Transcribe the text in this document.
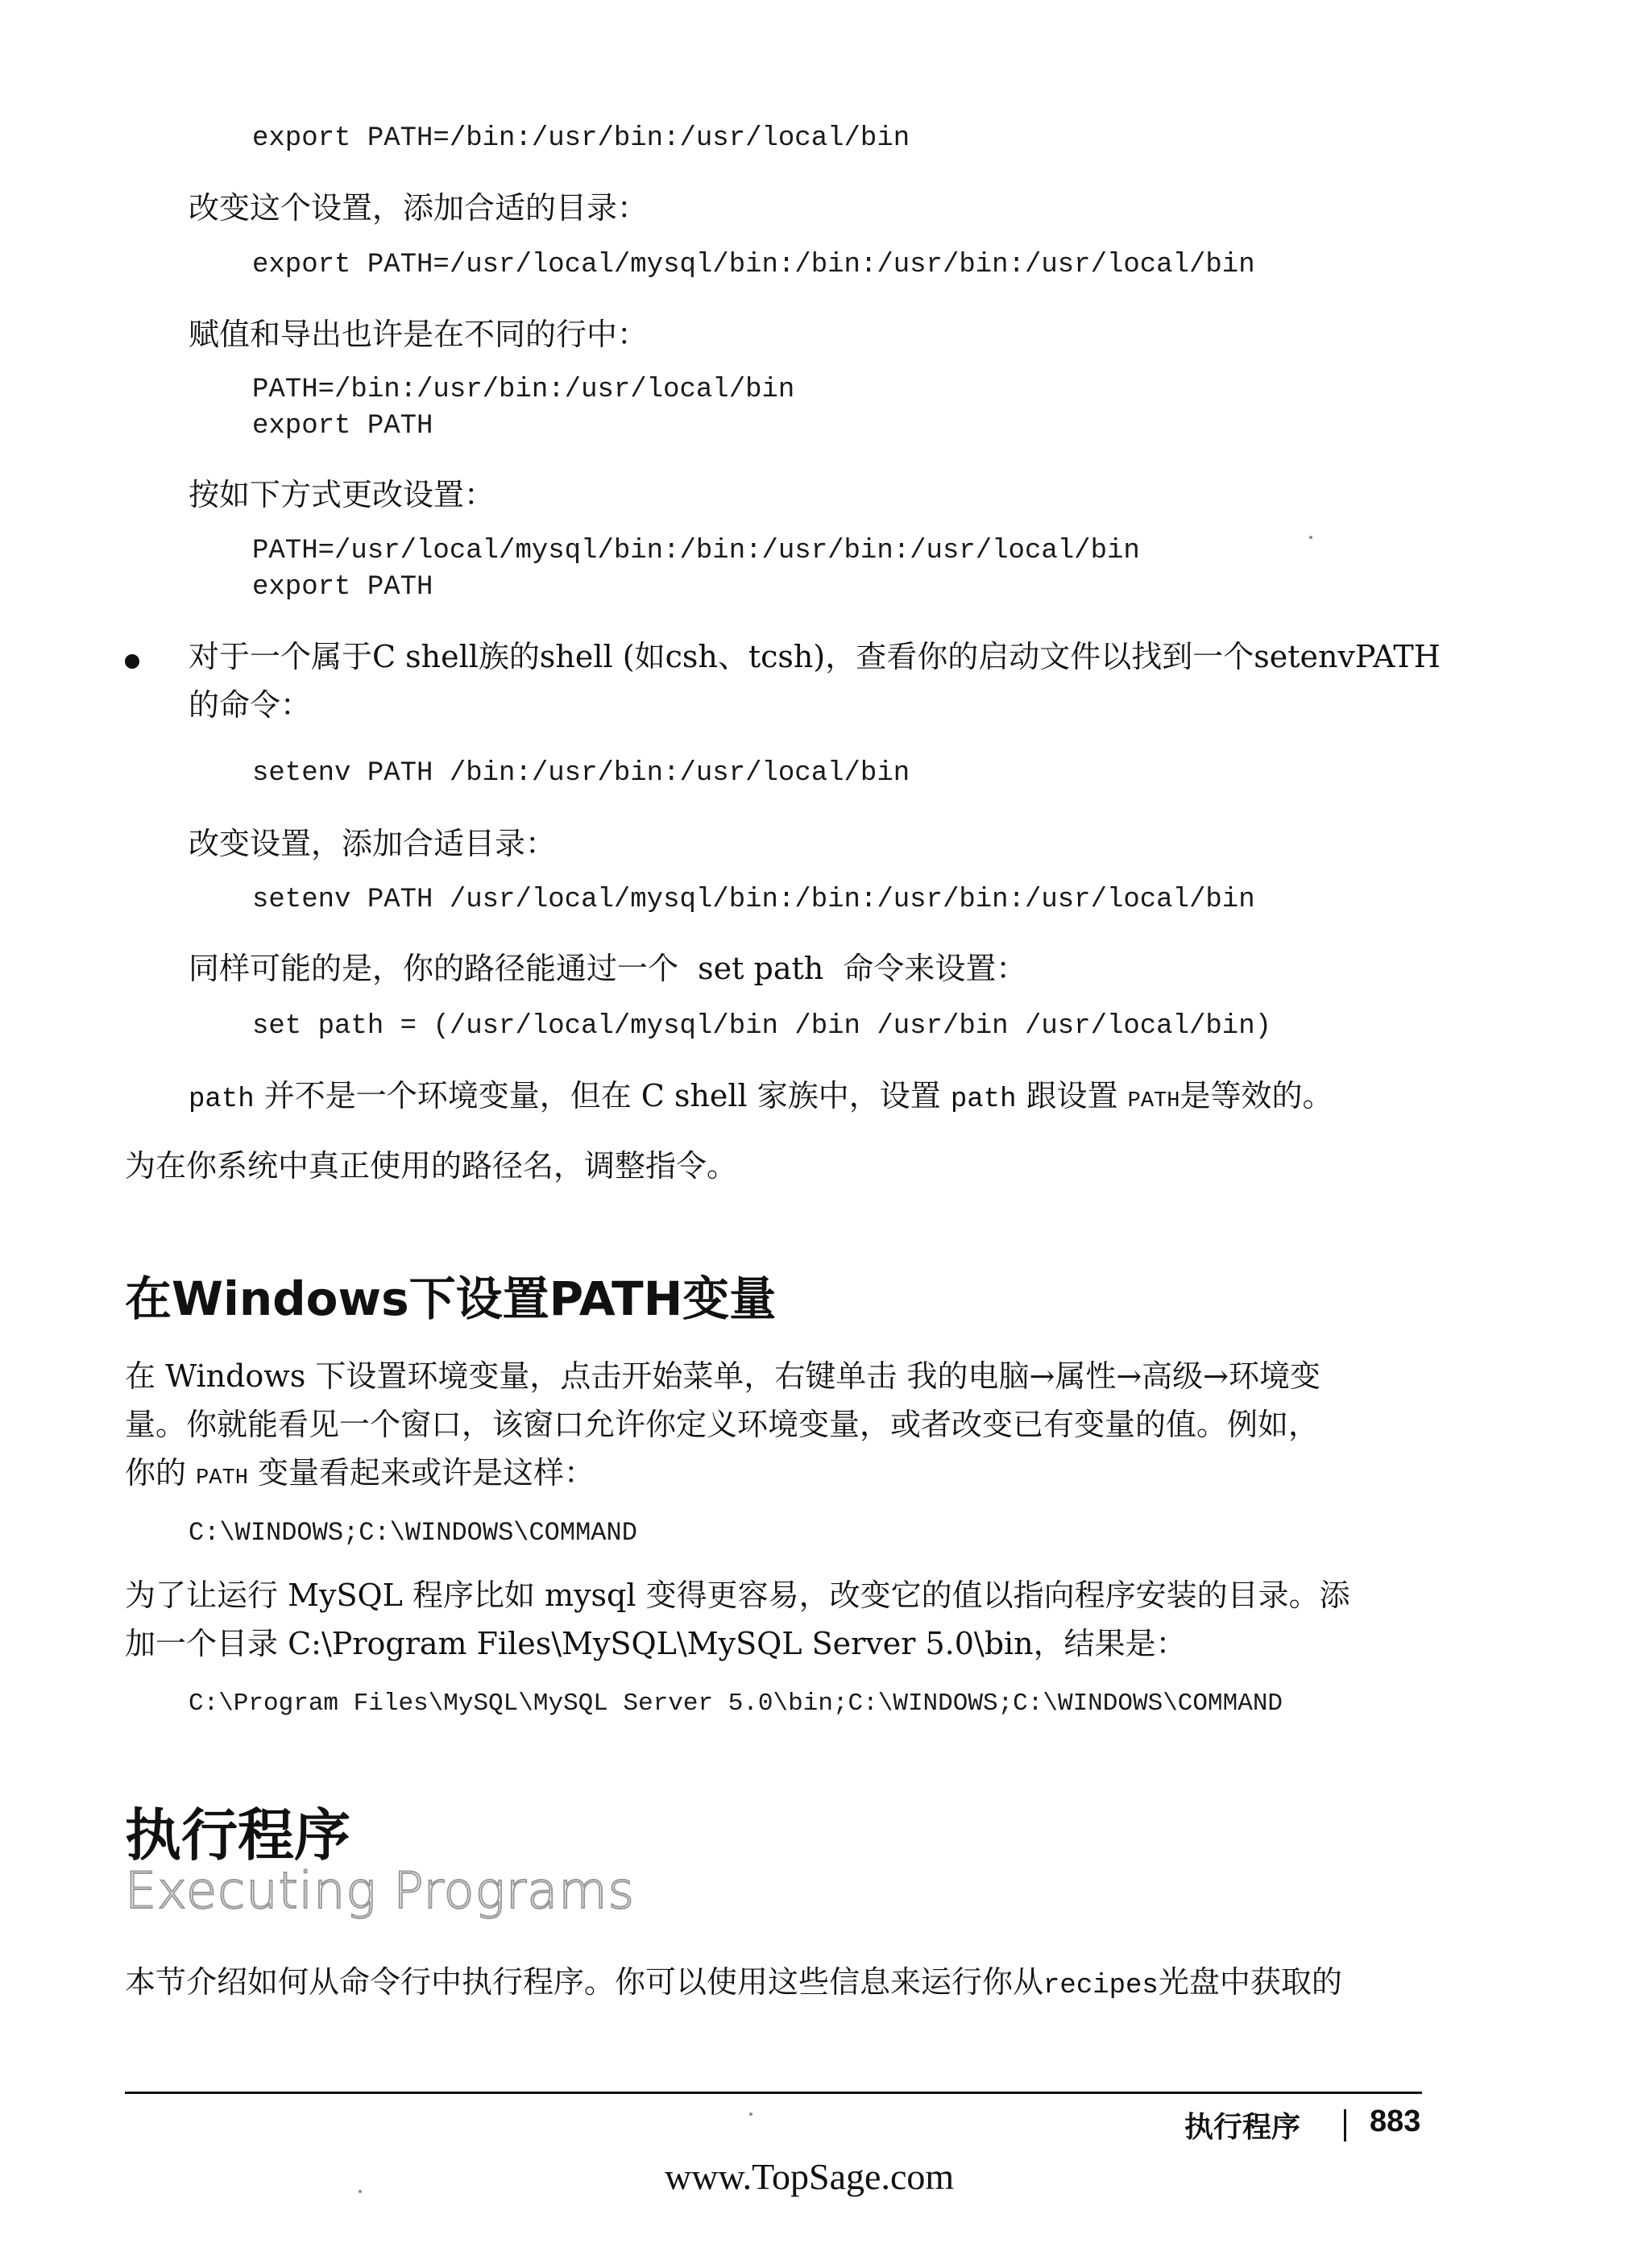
export PATH=/bin:/usr/bin:/usr/local/bin
改变这个设置，添加合适的目录：
export PATH=/usr/local/mysql/bin:/bin:/usr/bin:/usr/local/bin
赋值和导出也许是在不同的行中：
PATH=/bin:/usr/bin:/usr/local/bin
export PATH
按如下方式更改设置：
PATH=/usr/local/mysql/bin:/bin:/usr/bin:/usr/local/bin
export PATH
对于一个属于C shell族的shell (如csh、tcsh)，查看你的启动文件以找到一个setenvPATH
的命令：
setenv PATH /bin:/usr/bin:/usr/local/bin
改变设置，添加合适目录：
setenv PATH /usr/local/mysql/bin:/bin:/usr/bin:/usr/local/bin
同样可能的是，你的路径能通过一个  set path  命令来设置：
set path = (/usr/local/mysql/bin /bin /usr/bin /usr/local/bin)
path 并不是一个环境变量，但在 C shell 家族中，设置 path 跟设置 PATH是等效的。
为在你系统中真正使用的路径名，调整指令。
在Windows下设置PATH变量
在 Windows 下设置环境变量，点击开始菜单，右键单击 我的电脑→属性→高级→环境变
量。你就能看见一个窗口，该窗口允许你定义环境变量，或者改变已有变量的值。例如，
你的 PATH 变量看起来或许是这样：
C:\WINDOWS;C:\WINDOWS\COMMAND
为了让运行 MySQL 程序比如 mysql 变得更容易，改变它的值以指向程序安装的目录。添
加一个目录 C:\Program Files\MySQL\MySQL Server 5.0\bin，结果是：
C:\Program Files\MySQL\MySQL Server 5.0\bin;C:\WINDOWS;C:\WINDOWS\COMMAND
执行程序
Executing Programs
本节介绍如何从命令行中执行程序。你可以使用这些信息来运行你从recipes光盘中获取的
执行程序 883
www.TopSage.com
